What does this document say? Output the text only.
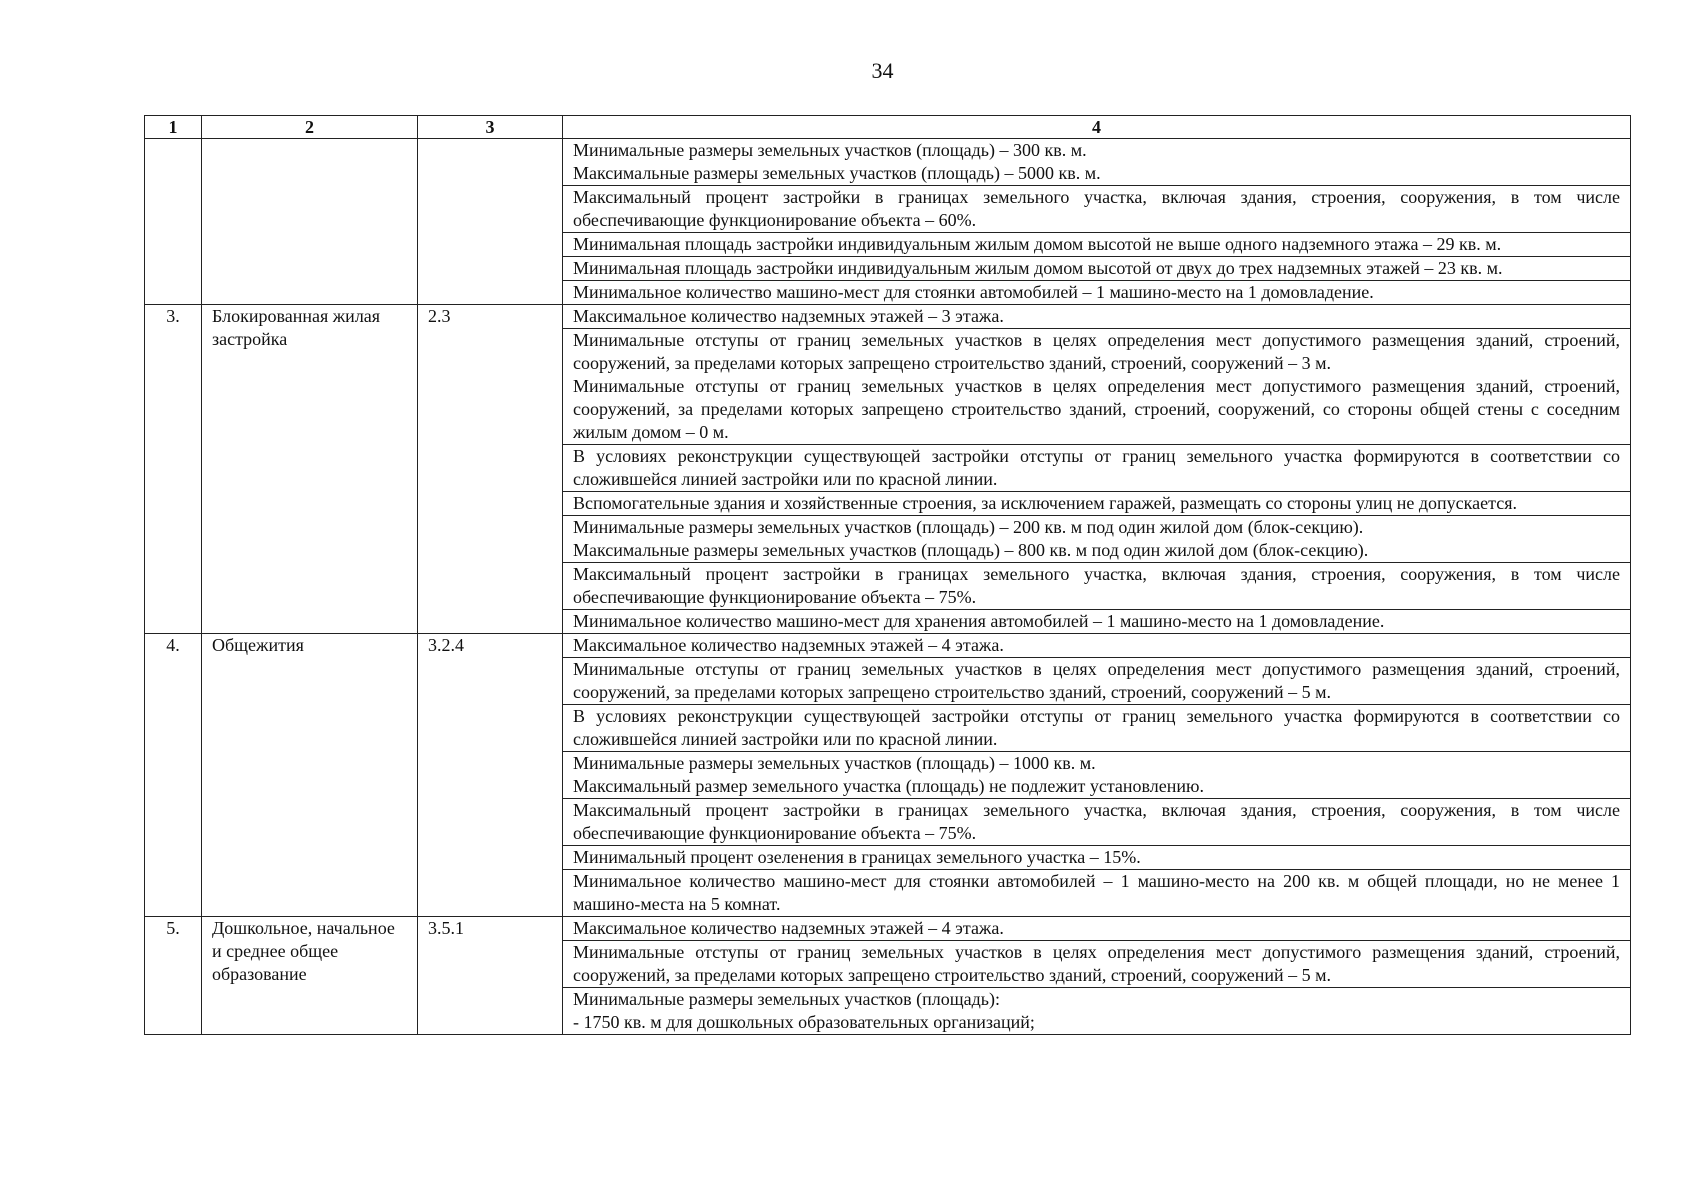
34
1	2	3	4

			Минимальные размеры земельных участков (площадь) – 300 кв. м.

Максимальные размеры земельных участков (площадь) – 5000 кв. м.

			Максимальный процент застройки в границах земельного участка, включая здания, строения, сооружения, в том числе обеспечивающие функционирование объекта – 60%.

			Минимальная площадь застройки индивидуальным жилым домом высотой не выше одного надземного этажа – 29 кв. м.

			Минимальная площадь застройки индивидуальным жилым домом высотой от двух до трех надземных этажей – 23 кв. м.

			Минимальное количество машино-мест для стоянки автомобилей – 1 машино-место на 1 домовладение.

3.	Блокированная жилая застройка	2.3	Максимальное количество надземных этажей – 3 этажа.

			Минимальные отступы от границ земельных участков в целях определения мест допустимого размещения зданий, строений, сооружений, за пределами которых запрещено строительство зданий, строений, сооружений – 3 м.

Минимальные отступы от границ земельных участков в целях определения мест допустимого размещения зданий, строений, сооружений, за пределами которых запрещено строительство зданий, строений, сооружений, со стороны общей стены с соседним жилым домом – 0 м.

			В условиях реконструкции существующей застройки отступы от границ земельного участка формируются в соответствии со сложившейся линией застройки или по красной линии.

			Вспомогательные здания и хозяйственные строения, за исключением гаражей, размещать со стороны улиц не допускается.

			Минимальные размеры земельных участков (площадь) – 200 кв. м под один жилой дом (блок-секцию).

Максимальные размеры земельных участков (площадь) – 800 кв. м под один жилой дом (блок-секцию).

			Максимальный процент застройки в границах земельного участка, включая здания, строения, сооружения, в том числе обеспечивающие функционирование объекта – 75%.

			Минимальное количество машино-мест для хранения автомобилей – 1 машино-место на 1 домовладение.

4.	Общежития	3.2.4	Максимальное количество надземных этажей – 4 этажа.

			Минимальные отступы от границ земельных участков в целях определения мест допустимого размещения зданий, строений, сооружений, за пределами которых запрещено строительство зданий, строений, сооружений – 5 м.

			В условиях реконструкции существующей застройки отступы от границ земельного участка формируются в соответствии со сложившейся линией застройки или по красной линии.

			Минимальные размеры земельных участков (площадь) – 1000 кв. м.

Максимальный размер земельного участка (площадь) не подлежит установлению.

			Максимальный процент застройки в границах земельного участка, включая здания, строения, сооружения, в том числе обеспечивающие функционирование объекта – 75%.

			Минимальный процент озеленения в границах земельного участка – 15%.

			Минимальное количество машино-мест для стоянки автомобилей – 1 машино-место на 200 кв. м общей площади, но не менее 1 машино-места на 5 комнат.

5.	Дошкольное, начальное и среднее общее образование	3.5.1	Максимальное количество надземных этажей – 4 этажа.

			Минимальные отступы от границ земельных участков в целях определения мест допустимого размещения зданий, строений, сооружений, за пределами которых запрещено строительство зданий, строений, сооружений – 5 м.

			Минимальные размеры земельных участков (площадь):

- 1750 кв. м для дошкольных образовательных организаций;
